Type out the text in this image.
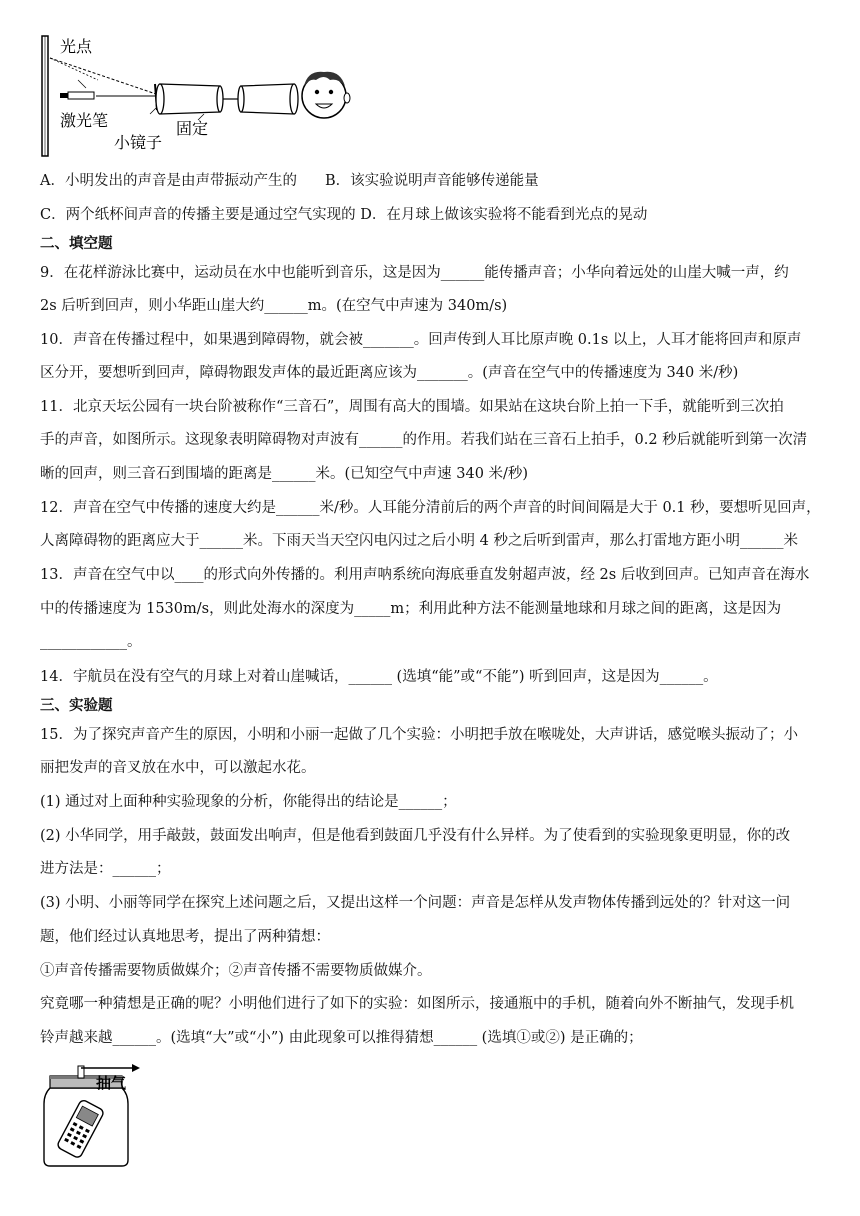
光点
激光笔
小镜子
固定
A．小明发出的声音是由声带振动产生的 B．该实验说明声音能够传递能量
C．两个纸杯间声音的传播主要是通过空气实现的 D．在月球上做该实验将不能看到光点的晃动
二、填空题
9．在花样游泳比赛中，运动员在水中也能听到音乐，这是因为______能传播声音；小华向着远处的山崖大喊一声，约
2s 后听到回声，则小华距山崖大约______m。(在空气中声速为 340m/s)
10．声音在传播过程中，如果遇到障碍物，就会被_______。回声传到人耳比原声晚 0.1s 以上，人耳才能将回声和原声
区分开，要想听到回声，障碍物跟发声体的最近距离应该为_______。(声音在空气中的传播速度为 340 米/秒)
11．北京天坛公园有一块台阶被称作“三音石”，周围有高大的围墙。如果站在这块台阶上拍一下手，就能听到三次拍
手的声音，如图所示。这现象表明障碍物对声波有______的作用。若我们站在三音石上拍手，0.2 秒后就能听到第一次清
晰的回声，则三音石到围墙的距离是______米。(已知空气中声速 340 米/秒)
12．声音在空气中传播的速度大约是______米/秒。人耳能分清前后的两个声音的时间间隔是大于 0.1 秒，要想听见回声，
人离障碍物的距离应大于______米。下雨天当天空闪电闪过之后小明 4 秒之后听到雷声，那么打雷地方距小明______米
13．声音在空气中以____的形式向外传播的。利用声呐系统向海底垂直发射超声波，经 2s 后收到回声。已知声音在海水
中的传播速度为 1530m/s，则此处海水的深度为_____m；利用此种方法不能测量地球和月球之间的距离，这是因为
____________。
14．宇航员在没有空气的月球上对着山崖喊话，______ (选填“能”或“不能”) 听到回声，这是因为______。
三、实验题
15．为了探究声音产生的原因，小明和小丽一起做了几个实验：小明把手放在喉咙处，大声讲话，感觉喉头振动了；小
丽把发声的音叉放在水中，可以激起水花。
(1) 通过对上面种种实验现象的分析，你能得出的结论是______；
(2) 小华同学，用手敲鼓，鼓面发出响声，但是他看到鼓面几乎没有什么异样。为了使看到的实验现象更明显，你的改
进方法是：______；
(3) 小明、小丽等同学在探究上述问题之后，又提出这样一个问题：声音是怎样从发声物体传播到远处的？针对这一问
题，他们经过认真地思考，提出了两种猜想：
①声音传播需要物质做媒介；②声音传播不需要物质做媒介。
究竟哪一种猜想是正确的呢？小明他们进行了如下的实验：如图所示，接通瓶中的手机，随着向外不断抽气，发现手机
铃声越来越______。(选填“大”或“小”) 由此现象可以推得猜想______ (选填①或②) 是正确的；
抽气
